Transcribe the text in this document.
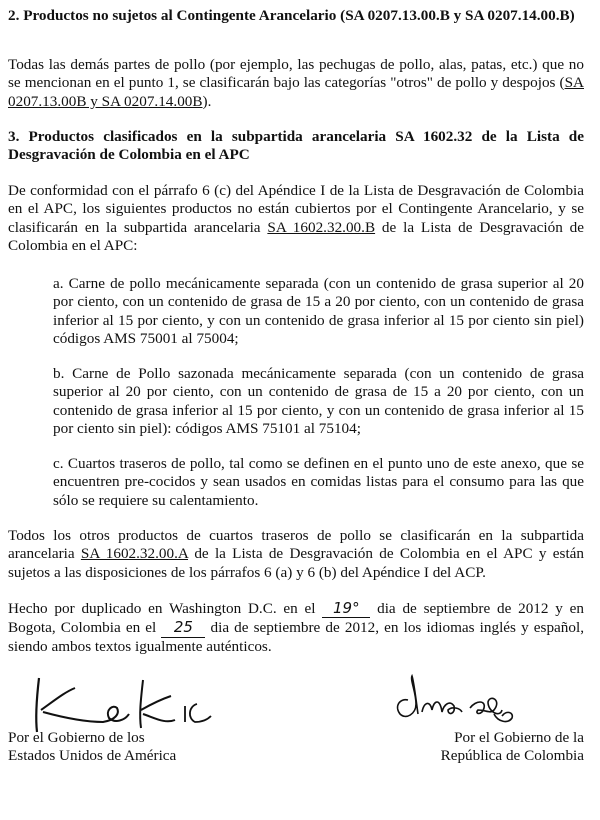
2. Productos no sujetos al Contingente Arancelario (SA 0207.13.00.B y SA 0207.14.00.B)

Todas las demás partes de pollo (por ejemplo, las pechugas de pollo, alas, patas, etc.) que no se mencionan en el punto 1, se clasificarán bajo las categorías "otros" de pollo y despojos (SA 0207.13.00B y SA 0207.14.00B).

3. Productos clasificados en la subpartida arancelaria SA 1602.32 de la Lista de Desgravación de Colombia en el APC

De conformidad con el párrafo 6 (c) del Apéndice I de la Lista de Desgravación de Colombia en el APC, los siguientes productos no están cubiertos por el Contingente Arancelario, y se clasificarán en la subpartida arancelaria SA 1602.32.00.B de la Lista de Desgravación de Colombia en el APC:

a. Carne de pollo mecánicamente separada (con un contenido de grasa superior al 20 por ciento, con un contenido de grasa de 15 a 20 por ciento, con un contenido de grasa inferior al 15 por ciento, y con un contenido de grasa inferior al 15 por ciento sin piel) códigos AMS 75001 al 75004;

b. Carne de Pollo sazonada mecánicamente separada (con un contenido de grasa superior al 20 por ciento, con un contenido de grasa de 15 a 20 por ciento, con un contenido de grasa inferior al 15 por ciento, y con un contenido de grasa inferior al 15 por ciento sin piel): códigos AMS 75101 al 75104;

c. Cuartos traseros de pollo, tal como se definen en el punto uno de este anexo, que se encuentren pre-cocidos y sean usados en comidas listas para el consumo para las que sólo se requiere su calentamiento.

Todos los otros productos de cuartos traseros de pollo se clasificarán en la subpartida arancelaria SA 1602.32.00.A de la Lista de Desgravación de Colombia en el APC y están sujetos a las disposiciones de los párrafos 6 (a) y 6 (b) del Apéndice I del ACP.

Hecho por duplicado en Washington D.C. en el 19° dia de septiembre de 2012 y en Bogota, Colombia en el 25 dia de septiembre de 2012, en los idiomas inglés y español, siendo ambos textos igualmente auténticos.

Por el Gobierno de los
Estados Unidos de América
Por el Gobierno de la
República de Colombia
